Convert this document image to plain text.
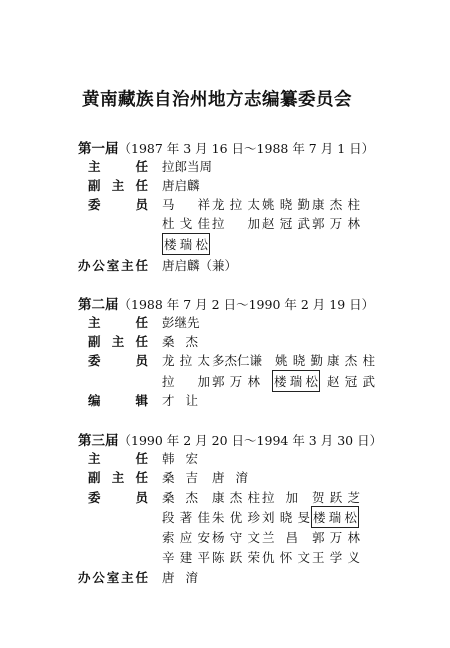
黄南藏族自治州地方志编纂委员会
第一届（1987 年 3 月 16 日～1988 年 7 月 1 日）
主任 拉郎当周
副主任 唐启麟
委员 马祥 龙拉太 姚晓勤 康杰柱
杜戈佳 拉加 赵冠武 郭万林
楼瑞松
办公室主任 唐启麟（兼）
第二届（1988 年 7 月 2 日～1990 年 2 月 19 日）
主任 彭继先
副主任 桑杰
委员 龙拉太 多杰仁谦 姚晓勤 康杰柱
拉加 郭万林 楼瑞松 赵冠武
编辑 才让
第三届（1990 年 2 月 20 日～1994 年 3 月 30 日）
主任 韩宏
副主任 桑吉 唐淯
委员 桑杰 康杰柱 拉加 贺跃芝
段著佳 朱优珍 刘晓旻 楼瑞松
索应安 杨守文 兰昌 郭万林
辛建平 陈跃荣 仇怀文 王学义
办公室主任 唐淯
